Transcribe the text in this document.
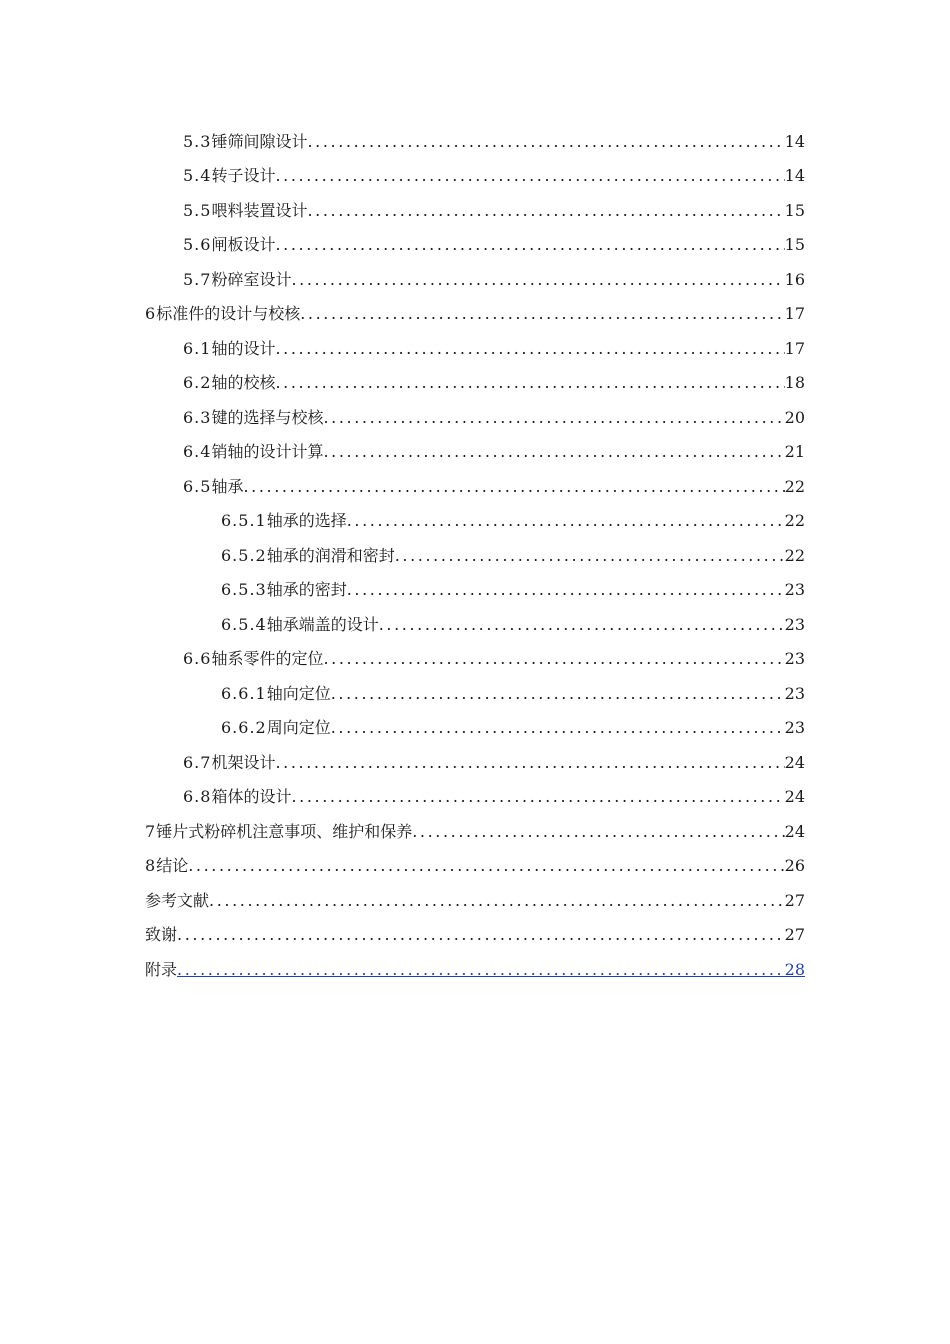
5.3 锤筛间隙设计 .....	14
5.4 转子设计 .....	14
5.5 喂料装置设计 .....	15
5.6 闸板设计 .....	15
5.7 粉碎室设计 .....	16
6 标准件的设计与校核 .....	17
6.1 轴的设计 .....	17
6.2 轴的校核 .....	18
6.3 键的选择与校核 .....	20
6.4 销轴的设计计算 .....	21
6.5 轴承 .....	22
6.5.1 轴承的选择 .....	22
6.5.2 轴承的润滑和密封 .....	22
6.5.3 轴承的密封 .....	23
6.5.4 轴承端盖的设计 .....	23
6.6 轴系零件的定位 .....	23
6.6.1 轴向定位 .....	23
6.6.2 周向定位 .....	23
6.7 机架设计 .....	24
6.8 箱体的设计 .....	24
7 锤片式粉碎机注意事项、维护和保养 .....	24
8 结论 .....	26
参考文献 .....	27
致谢 .....	27
附录 .....	28
